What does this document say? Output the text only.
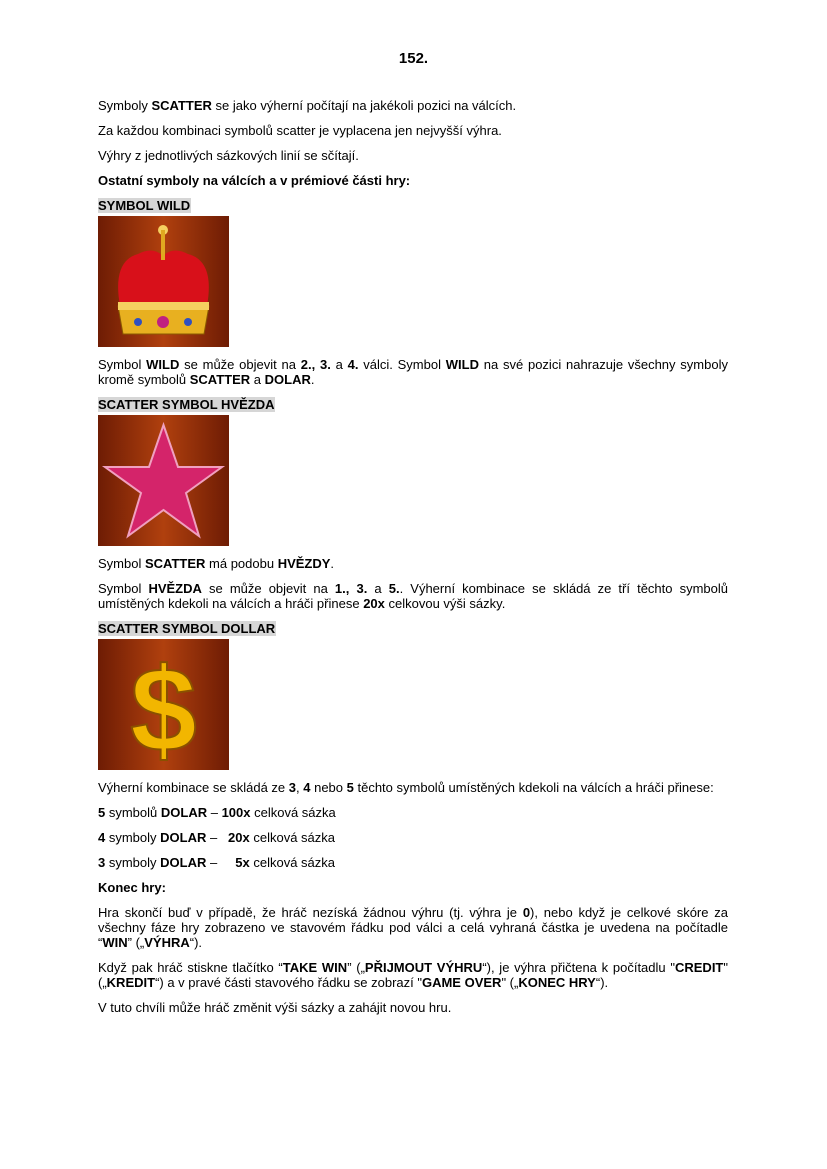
152.

Symboly SCATTER se jako výherní počítají na jakékoli pozici na válcích.

Za každou kombinaci symbolů scatter je vyplacena jen nejvyšší výhra.

Výhry z jednotlivých sázkových linií se sčítají.

Ostatní symboly na válcích a v prémiové části hry:

SYMBOL WILD

Symbol WILD se může objevit na 2., 3. a 4. válci. Symbol WILD na své pozici nahrazuje všechny symboly kromě symbolů SCATTER a DOLAR.

SCATTER SYMBOL HVĚZDA

Symbol SCATTER má podobu HVĚZDY.

Symbol HVĚZDA se může objevit na 1., 3. a 5.. Výherní kombinace se skládá ze tří těchto symbolů umístěných kdekoli na válcích a hráči přinese 20x celkovou výši sázky.

SCATTER SYMBOL DOLLAR

$

Výherní kombinace se skládá ze 3, 4 nebo 5 těchto symbolů umístěných kdekoli na válcích a hráči přinese:

5 symbolů DOLAR – 100x celková sázka

4 symboly DOLAR –   20x celková sázka

3 symboly DOLAR –     5x celková sázka

Konec hry:

Hra skončí buď v případě, že hráč nezíská žádnou výhru (tj. výhra je 0), nebo když je celkové skóre za všechny fáze hry zobrazeno ve stavovém řádku pod válci a celá vyhraná částka je uvedena na počítadle “WIN” („VÝHRA“).

Když pak hráč stiskne tlačítko “TAKE WIN” („PŘIJMOUT VÝHRU“), je výhra přičtena k počítadlu "CREDIT" („KREDIT“) a v pravé části stavového řádku se zobrazí "GAME OVER" („KONEC HRY“).

V tuto chvíli může hráč změnit výši sázky a zahájit novou hru.
